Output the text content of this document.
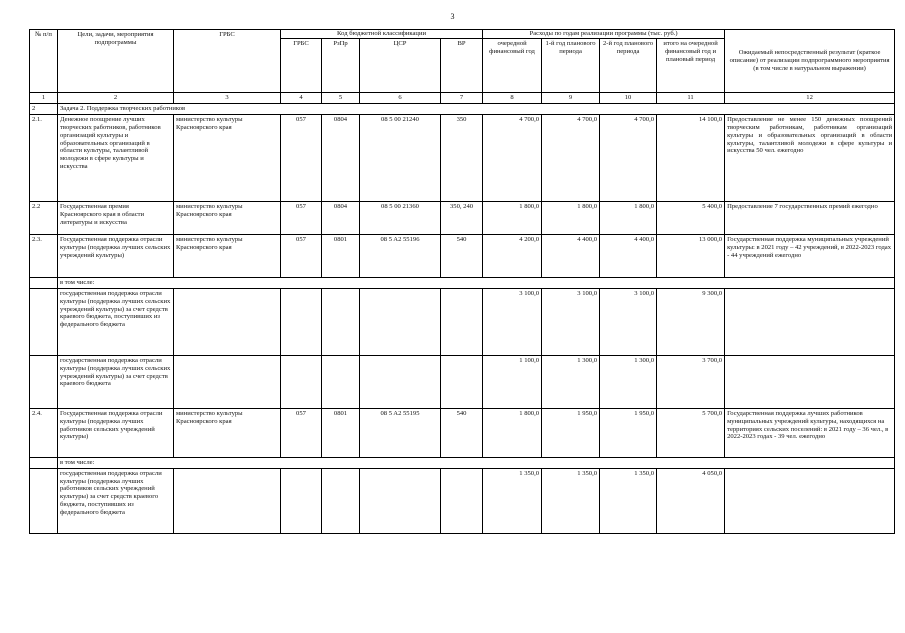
3
№ п/п	Цели, задачи, мероприятия подпрограммы	ГРБС	Код бюджетной классификации				Расходы по годам реализации программы (тыс. руб.)				Ожидаемый непосредственный результат (краткое описание) от реализации подпрограммного мероприятия (в том числе в натуральном выражении)
			ГРБС	РзПр	ЦСР	ВР	очередной финансовый год	1-й год планового периода	2-й год планового периода	итого на очередной финансовый год и плановый период	
1	2	3	4	5	6	7	8	9	10	11	12
2	Задача 2. Поддержка творческих работников										
2.1.	Денежное поощрение лучших творческих работников, работников организаций культуры и образовательных организаций в области культуры, талантливой молодежи в сфере культуры и искусства	министерство культуры Красноярского края	057	0804	08 5 00 21240	350	4 700,0	4 700,0	4 700,0	14 100,0	Предоставление не менее 150 денежных поощрений творческим работникам, работникам организаций культуры и образовательных организаций в области культуры, талантливой молодежи в сфере культуры и искусства 50 чел. ежегодно
2.2	Государственная премия Красноярского края в области литературы и искусства	министерство культуры Красноярского края	057	0804	08 5 00 21360	350, 240	1 800,0	1 800,0	1 800,0	5 400,0	Предоставление 7 государственных премий ежегодно
2.3.	Государственная поддержка отрасли культуры (поддержка лучших сельских учреждений культуры)	министерство культуры Красноярского края	057	0801	08 5 A2 55196	540	4 200,0	4 400,0	4 400,0	13 000,0	Государственная поддержка муниципальных учреждений культуры: в 2021 году – 42 учреждений, в 2022-2023 годах - 44 учреждений ежегодно
	в том числе:										
	государственная поддержка отрасли культуры (поддержка лучших сельских учреждений культуры) за счет средств краевого бюджета, поступивших из федерального бюджета						3 100,0	3 100,0	3 100,0	9 300,0	
	государственная поддержка отрасли культуры (поддержка лучших сельских учреждений культуры) за счет средств краевого бюджета						1 100,0	1 300,0	1 300,0	3 700,0	
2.4.	Государственная поддержка отрасли культуры (поддержка лучших работников сельских учреждений культуры)	министерство культуры Красноярского края	057	0801	08 5 A2 55195	540	1 800,0	1 950,0	1 950,0	5 700,0	Государственная поддержка лучших работников муниципальных учреждений культуры, находящихся на территориях сельских поселений: в 2021 году – 36 чел., в 2022-2023 годах - 39 чел. ежегодно
	в том числе:										
	государственная поддержка отрасли культуры (поддержка лучших работников сельских учреждений культуры) за счет средств краевого бюджета, поступивших из федерального бюджета						1 350,0	1 350,0	1 350,0	4 050,0	
